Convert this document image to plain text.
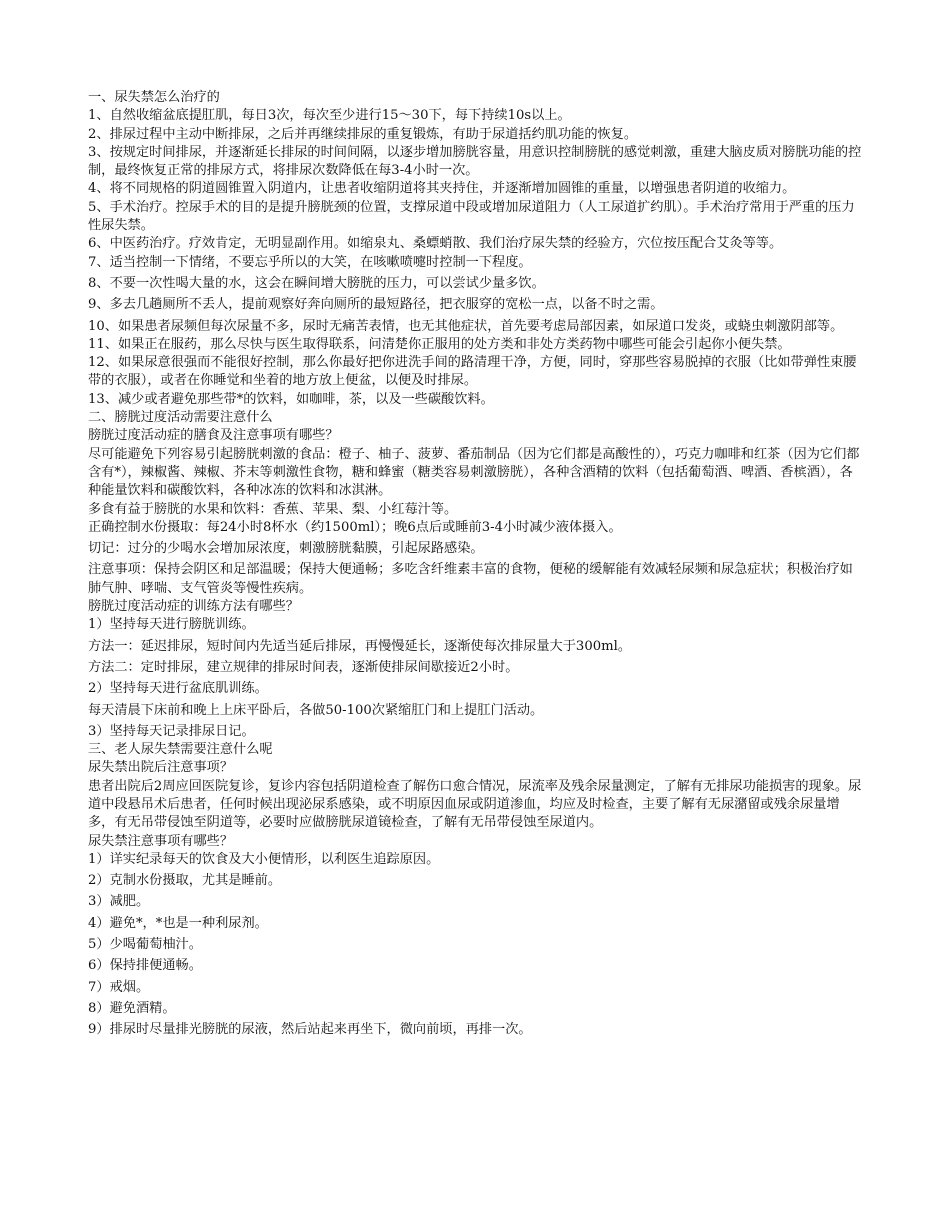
一、尿失禁怎么治疗的

1、自然收缩盆底提肛肌，每日3次，每次至少进行15～30下，每下持续10s以上。

2、排尿过程中主动中断排尿，之后并再继续排尿的重复锻炼，有助于尿道括约肌功能的恢复。

3、按规定时间排尿，并逐渐延长排尿的时间间隔，以逐步增加膀胱容量，用意识控制膀胱的感觉刺激，重建大脑皮质对膀胱功能的控制，最终恢复正常的排尿方式，将排尿次数降低在每3-4小时一次。

4、将不同规格的阴道圆锥置入阴道内，让患者收缩阴道将其夹持住，并逐渐增加圆锥的重量，以增强患者阴道的收缩力。

5、手术治疗。控尿手术的目的是提升膀胱颈的位置，支撑尿道中段或增加尿道阻力（人工尿道扩约肌）。手术治疗常用于严重的压力性尿失禁。

6、中医药治疗。疗效肯定，无明显副作用。如缩泉丸、桑螵蛸散、我们治疗尿失禁的经验方，穴位按压配合艾灸等等。

7、适当控制一下情绪，不要忘乎所以的大笑，在咳嗽喷嚏时控制一下程度。

8、不要一次性喝大量的水，这会在瞬间增大膀胱的压力，可以尝试少量多饮。

9、多去几趟厕所不丢人，提前观察好奔向厕所的最短路径，把衣服穿的宽松一点，以备不时之需。

10、如果患者尿频但每次尿量不多，尿时无痛苦表情，也无其他症状，首先要考虑局部因素，如尿道口发炎，或蛲虫刺激阴部等。

11、如果正在服药，那么尽快与医生取得联系，问清楚你正服用的处方类和非处方类药物中哪些可能会引起你小便失禁。

12、如果尿意很强而不能很好控制，那么你最好把你进洗手间的路清理干净，方便，同时，穿那些容易脱掉的衣服（比如带弹性束腰带的衣服），或者在你睡觉和坐着的地方放上便盆，以便及时排尿。

13、减少或者避免那些带*的饮料，如咖啡，茶，以及一些碳酸饮料。

二、膀胱过度活动需要注意什么

膀胱过度活动症的膳食及注意事项有哪些？

尽可能避免下列容易引起膀胱刺激的食品：橙子、柚子、菠萝、番茄制品（因为它们都是高酸性的），巧克力咖啡和红茶（因为它们都含有*），辣椒酱、辣椒、芥末等刺激性食物，糖和蜂蜜（糖类容易刺激膀胱），各种含酒精的饮料（包括葡萄酒、啤酒、香槟酒），各种能量饮料和碳酸饮料，各种冰冻的饮料和冰淇淋。

多食有益于膀胱的水果和饮料：香蕉、苹果、梨、小红莓汁等。

正确控制水份摄取：每24小时8杯水（约1500ml）；晚6点后或睡前3-4小时减少液体摄入。

切记：过分的少喝水会增加尿浓度，刺激膀胱黏膜，引起尿路感染。

注意事项：保持会阴区和足部温暖；保持大便通畅；多吃含纤维素丰富的食物，便秘的缓解能有效减轻尿频和尿急症状；积极治疗如肺气肿、哮喘、支气管炎等慢性疾病。

膀胱过度活动症的训练方法有哪些？

1）坚持每天进行膀胱训练。

方法一：延迟排尿，短时间内先适当延后排尿，再慢慢延长，逐渐使每次排尿量大于300ml。

方法二：定时排尿，建立规律的排尿时间表，逐渐使排尿间歇接近2小时。

2）坚持每天进行盆底肌训练。

每天清晨下床前和晚上上床平卧后，各做50-100次紧缩肛门和上提肛门活动。

3）坚持每天记录排尿日记。

三、老人尿失禁需要注意什么呢

尿失禁出院后注意事项？

患者出院后2周应回医院复诊，复诊内容包括阴道检查了解伤口愈合情况，尿流率及残余尿量测定，了解有无排尿功能损害的现象。尿道中段悬吊术后患者，任何时候出现泌尿系感染，或不明原因血尿或阴道渗血，均应及时检查，主要了解有无尿潴留或残余尿量增多，有无吊带侵蚀至阴道等，必要时应做膀胱尿道镜检查，了解有无吊带侵蚀至尿道内。

尿失禁注意事项有哪些？

1）详实纪录每天的饮食及大小便情形，以利医生追踪原因。

2）克制水份摄取，尤其是睡前。

3）减肥。

4）避免*，*也是一种利尿剂。

5）少喝葡萄柚汁。

6）保持排便通畅。

7）戒烟。

8）避免酒精。

9）排尿时尽量排光膀胱的尿液，然后站起来再坐下，微向前顷，再排一次。
